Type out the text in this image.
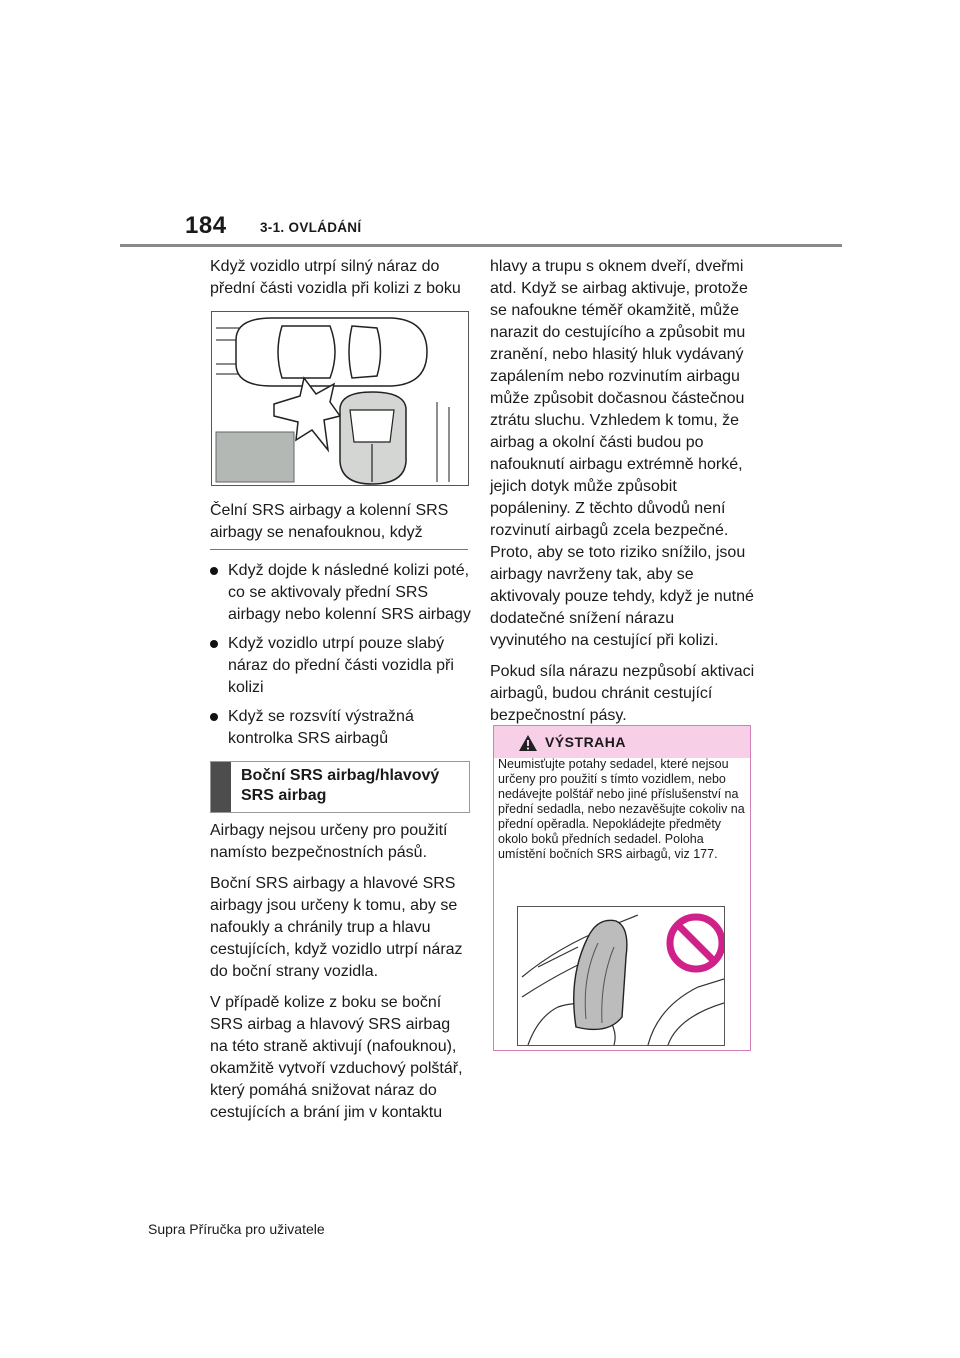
184 3-1. OVLÁDÁNÍ

Když vozidlo utrpí silný náraz do přední části vozidla při kolizi z boku

Čelní SRS airbagy a kolenní SRS airbagy se nenafouknou, když
Když dojde k následné kolizi poté, co se aktivovaly přední SRS airbagy nebo kolenní SRS airbagy
Když vozidlo utrpí pouze slabý náraz do přední části vozidla při kolizi
Když se rozsvítí výstražná kontrolka SRS airbagů
Boční SRS airbag/hlavový SRS airbag

Airbagy nejsou určeny pro použití namísto bezpečnostních pásů.

Boční SRS airbagy a hlavové SRS airbagy jsou určeny k tomu, aby se nafoukly a chránily trup a hlavu cestujících, když vozidlo utrpí náraz do boční strany vozidla.

V případě kolize z boku se boční SRS airbag a hlavový SRS airbag na této straně aktivují (nafouknou), okamžitě vytvoří vzduchový polštář, který pomáhá snižovat náraz do cestujících a brání jim v kontaktu

hlavy a trupu s oknem dveří, dveřmi atd. Když se airbag aktivuje, protože se nafoukne téměř okamžitě, může narazit do cestujícího a způsobit mu zranění, nebo hlasitý hluk vydávaný zapálením nebo rozvinutím airbagu může způsobit dočasnou částečnou ztrátu sluchu. Vzhledem k tomu, že airbag a okolní části budou po nafouknutí airbagu extrémně horké, jejich dotyk může způsobit popáleniny. Z těchto důvodů není rozvinutí airbagů zcela bezpečné. Proto, aby se toto riziko snížilo, jsou airbagy navrženy tak, aby se aktivovaly pouze tehdy, když je nutné dodatečné snížení nárazu vyvinutého na cestující při kolizi.

Pokud síla nárazu nezpůsobí aktivaci airbagů, budou chránit cestující bezpečnostní pásy.

VÝSTRAHA
Neumisťujte potahy sedadel, které nejsou určeny pro použití s tímto vozidlem, nebo nedávejte polštář nebo jiné příslušenství na přední sedadla, nebo nezavěšujte cokoliv na přední opěradla. Nepokládejte předměty okolo boků předních sedadel. Poloha umístění bočních SRS airbagů, viz 177.
Supra Příručka pro uživatele
